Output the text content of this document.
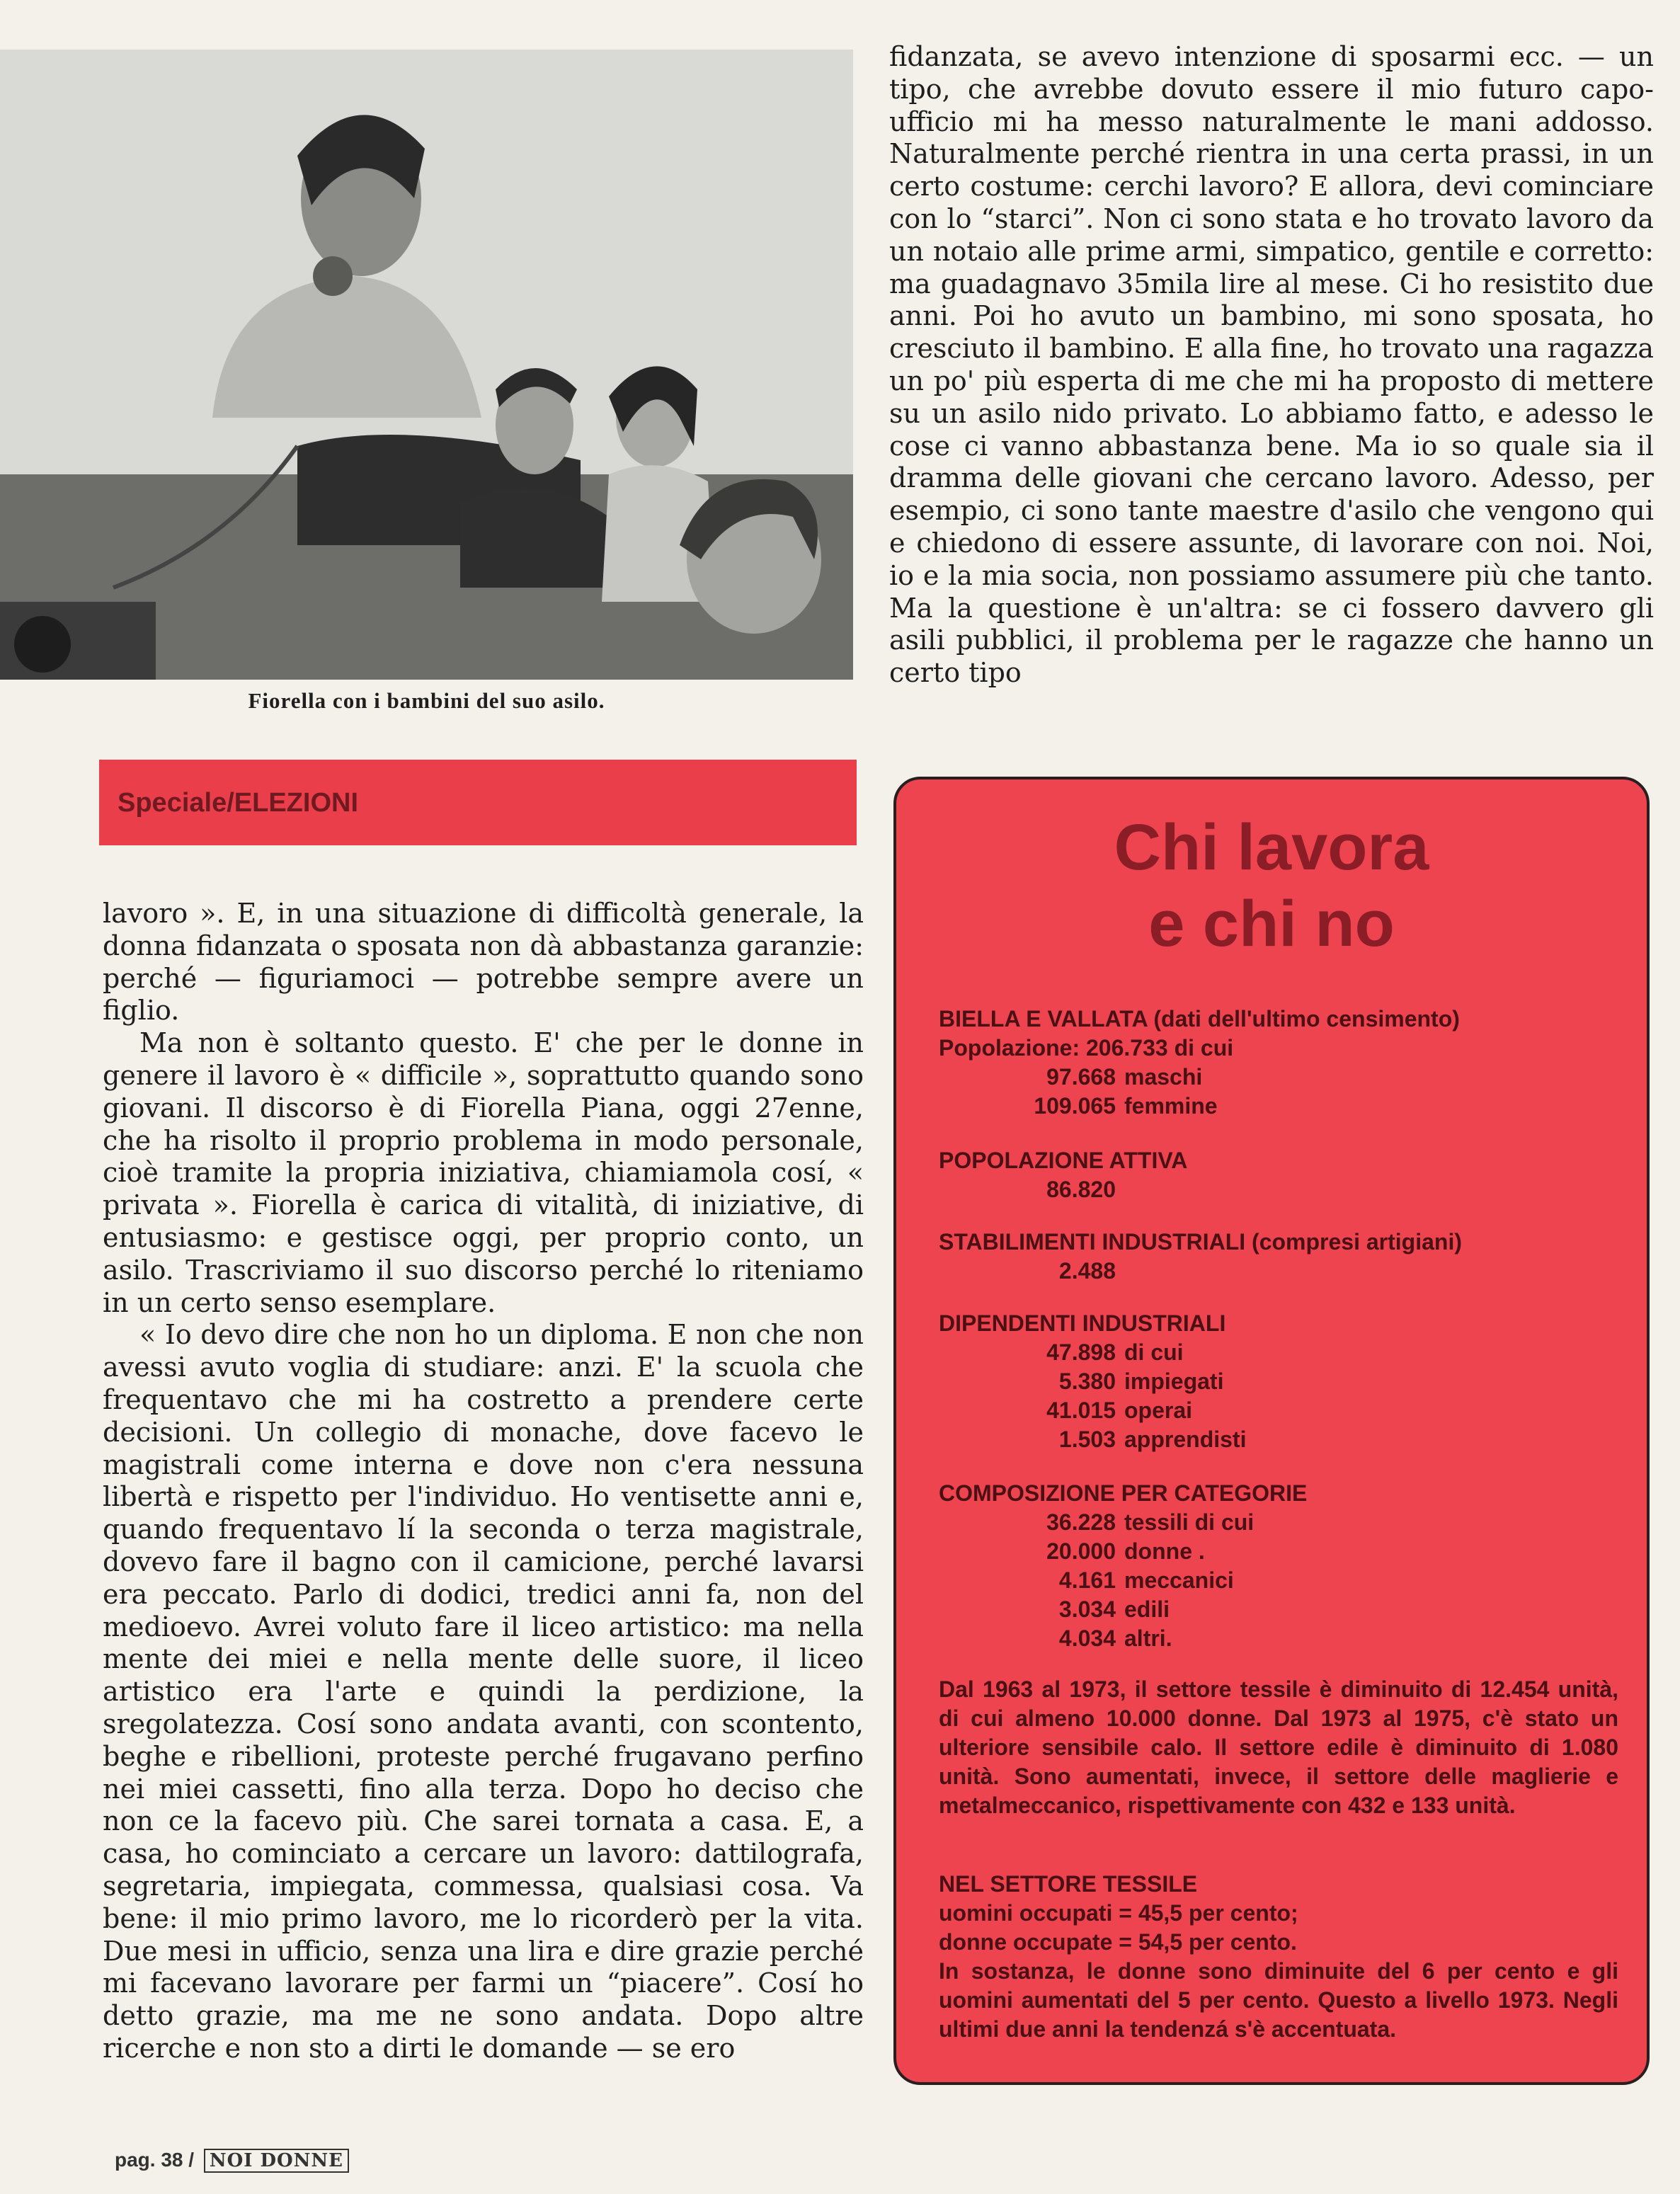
Fiorella con i bambini del suo asilo.

fidanzata, se avevo intenzione di sposarmi ecc. — un tipo, che avrebbe dovuto essere il mio futuro capo-ufficio mi ha messo naturalmente le mani addosso. Naturalmente perché rientra in una certa prassi, in un certo costume: cerchi lavoro? E allora, devi cominciare con lo “starci”. Non ci sono stata e ho trovato lavoro da un notaio alle prime armi, simpatico, gentile e corretto: ma guadagnavo 35mila lire al mese. Ci ho resistito due anni. Poi ho avuto un bambino, mi sono sposata, ho cresciuto il bambino. E alla fine, ho trovato una ragazza un po' più esperta di me che mi ha proposto di mettere su un asilo nido privato. Lo abbiamo fatto, e adesso le cose ci vanno abbastanza bene. Ma io so quale sia il dramma delle giovani che cercano lavoro. Adesso, per esempio, ci sono tante maestre d'asilo che vengono qui e chiedono di essere assunte, di lavorare con noi. Noi, io e la mia socia, non possiamo assumere più che tanto. Ma la questione è un'altra: se ci fossero davvero gli asili pubblici, il problema per le ragazze che hanno un certo tipo

Speciale/ELEZIONI

lavoro ». E, in una situazione di difficoltà generale, la donna fidanzata o sposata non dà abbastanza garanzie: perché — figuriamoci — potrebbe sempre avere un figlio.

Ma non è soltanto questo. E' che per le donne in genere il lavoro è « difficile », soprattutto quando sono giovani. Il discorso è di Fiorella Piana, oggi 27enne, che ha risolto il proprio problema in modo personale, cioè tramite la propria iniziativa, chiamiamola cosí, « privata ». Fiorella è carica di vitalità, di iniziative, di entusiasmo: e gestisce oggi, per proprio conto, un asilo. Trascriviamo il suo discorso perché lo riteniamo in un certo senso esemplare.

« Io devo dire che non ho un diploma. E non che non avessi avuto voglia di studiare: anzi. E' la scuola che frequentavo che mi ha costretto a prendere certe decisioni. Un collegio di monache, dove facevo le magistrali come interna e dove non c'era nessuna libertà e rispetto per l'individuo. Ho ventisette anni e, quando frequentavo lí la seconda o terza magistrale, dovevo fare il bagno con il camicione, perché lavarsi era peccato. Parlo di dodici, tredici anni fa, non del medioevo. Avrei voluto fare il liceo artistico: ma nella mente dei miei e nella mente delle suore, il liceo artistico era l'arte e quindi la perdizione, la sregolatezza. Cosí sono andata avanti, con scontento, beghe e ribellioni, proteste perché frugavano perfino nei miei cassetti, fino alla terza. Dopo ho deciso che non ce la facevo più. Che sarei tornata a casa. E, a casa, ho cominciato a cercare un lavoro: dattilografa, segretaria, impiegata, commessa, qualsiasi cosa. Va bene: il mio primo lavoro, me lo ricorderò per la vita. Due mesi in ufficio, senza una lira e dire grazie perché mi facevano lavorare per farmi un “piacere”. Cosí ho detto grazie, ma me ne sono andata. Dopo altre ricerche e non sto a dirti le domande — se ero

Chi lavora
e chi no
BIELLA E VALLATA (dati dell'ultimo censimento)
Popolazione: 206.733 di cui
97.668 maschi
109.065 femmine
POPOLAZIONE ATTIVA
86.820
STABILIMENTI INDUSTRIALI (compresi artigiani)
2.488
DIPENDENTI INDUSTRIALI
47.898 di cui
5.380 impiegati
41.015 operai
1.503 apprendisti
COMPOSIZIONE PER CATEGORIE
36.228 tessili di cui
20.000 donne .
4.161 meccanici
3.034 edili
4.034 altri.

Dal 1963 al 1973, il settore tessile è diminuito di 12.454 unità, di cui almeno 10.000 donne. Dal 1973 al 1975, c'è stato un ulteriore sensibile calo. Il settore edile è diminuito di 1.080 unità. Sono aumentati, invece, il settore delle maglierie e metalmeccanico, rispettivamente con 432 e 133 unità.

NEL SETTORE TESSILE
uomini occupati = 45,5 per cento;
donne occupate = 54,5 per cento.

In sostanza, le donne sono diminuite del 6 per cento e gli uomini aumentati del 5 per cento. Questo a livello 1973. Negli ultimi due anni la tendenzá s'è accentuata.

pag. 38 / NOI DONNE
